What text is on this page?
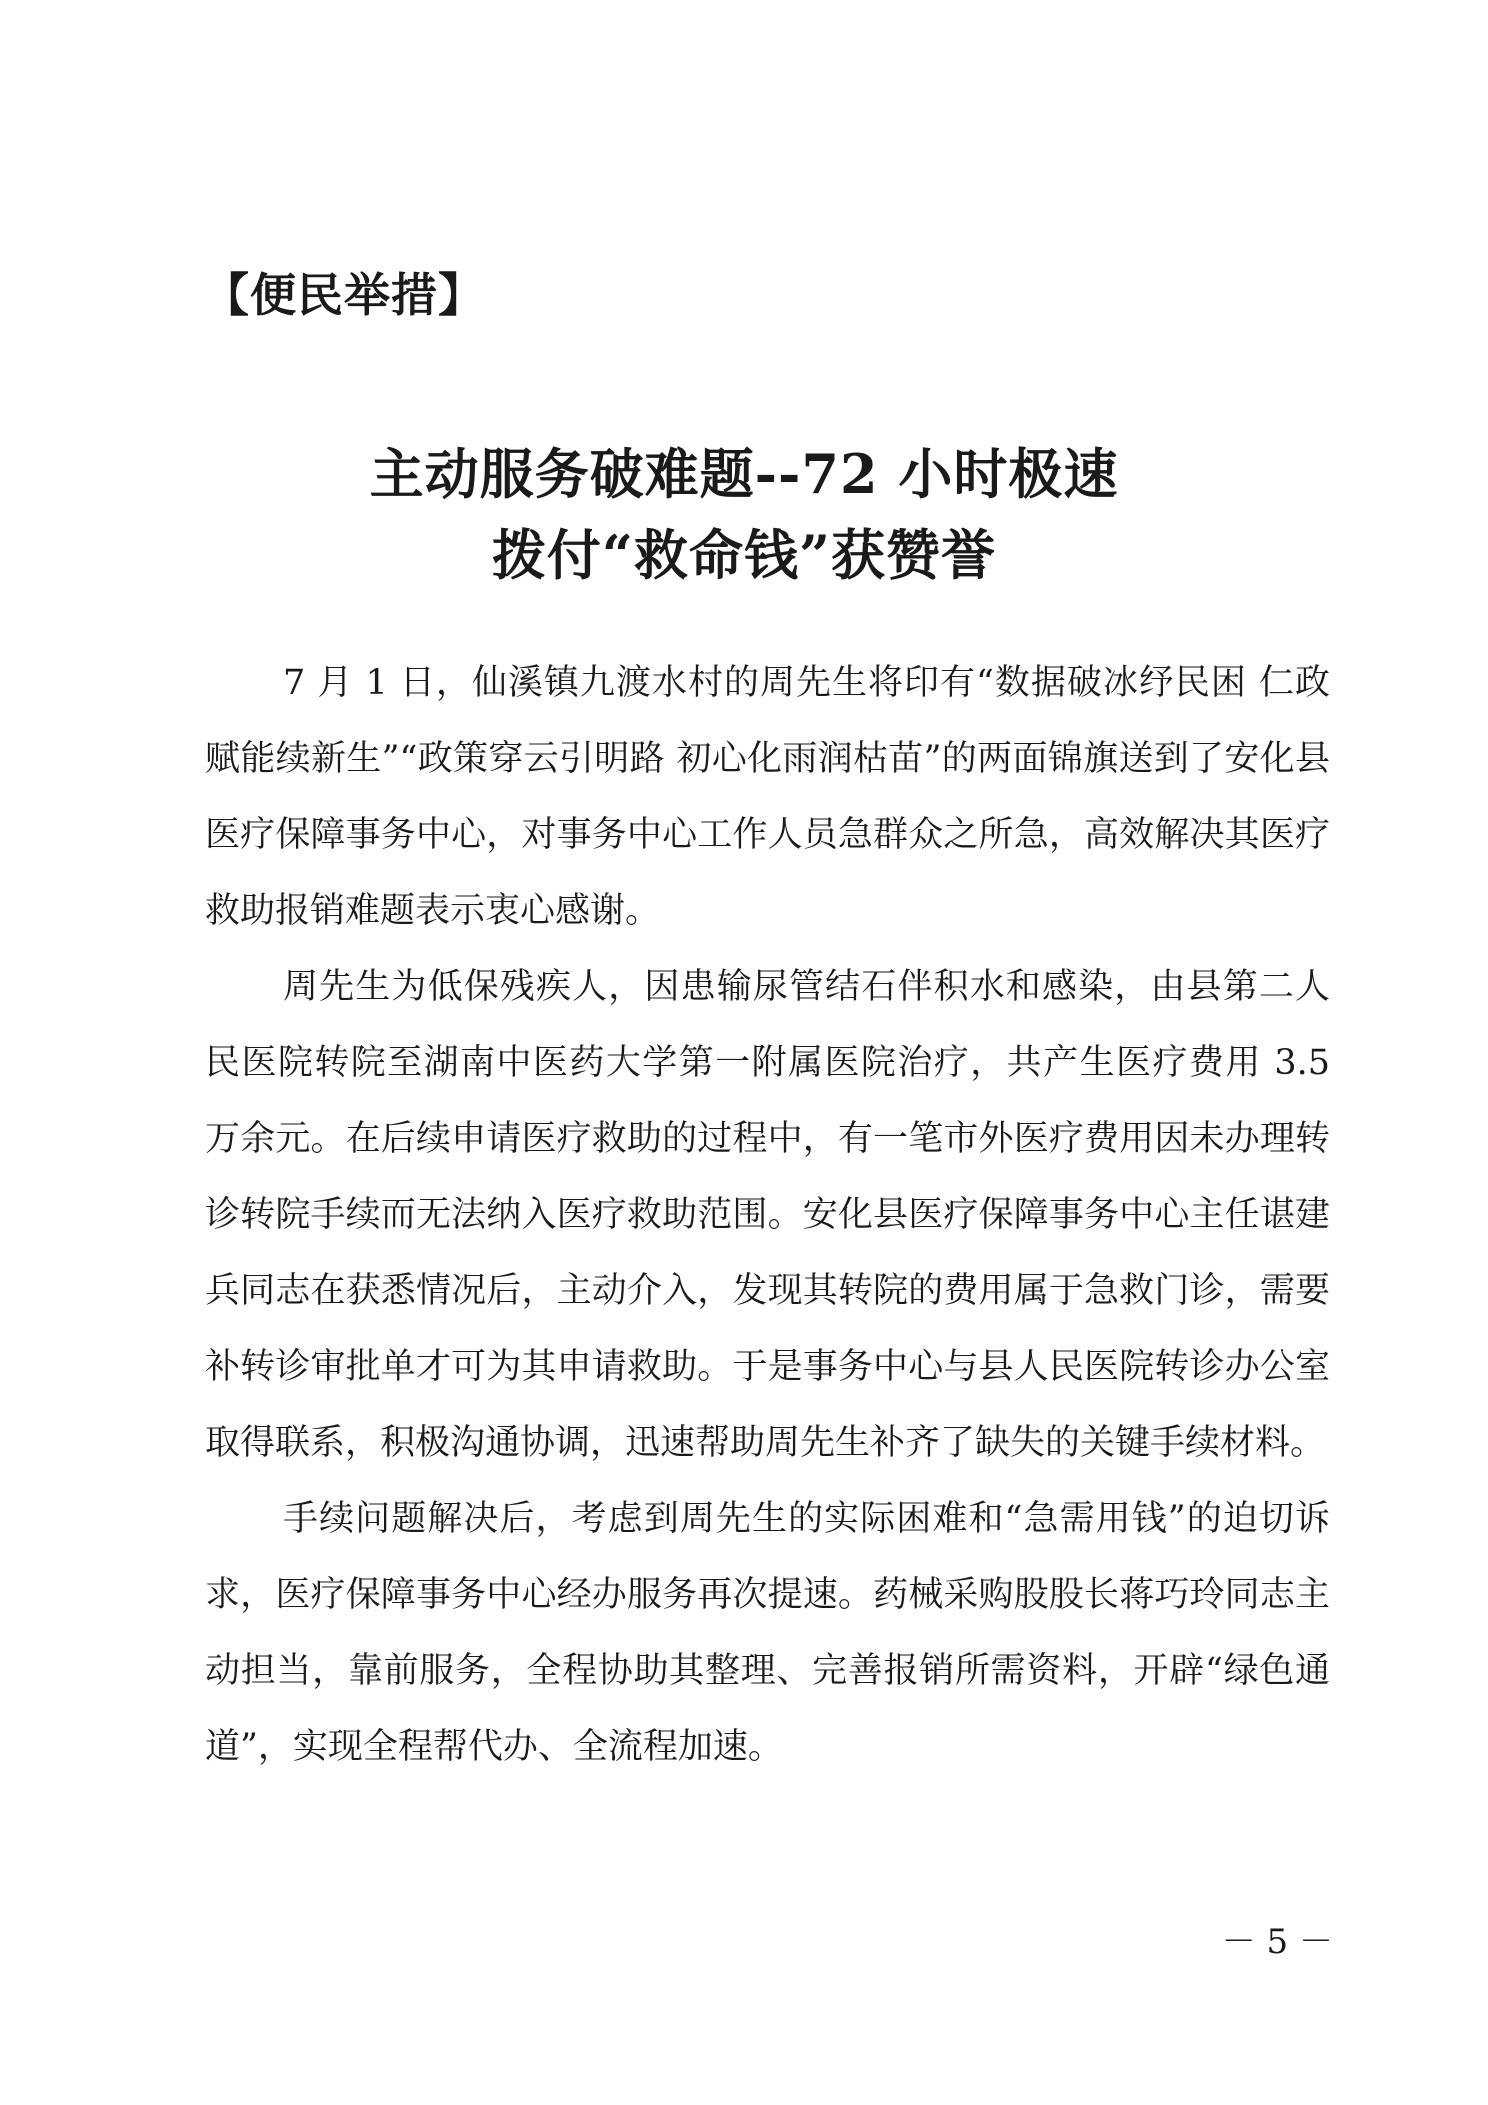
【便民举措】
主动服务破难题--72 小时极速
拨付“救命钱”获赞誉

7 月 1 日，仙溪镇九渡水村的周先生将印有“数据破冰纾民困 仁政赋能续新生”“政策穿云引明路 初心化雨润枯苗”的两面锦旗送到了安化县医疗保障事务中心，对事务中心工作人员急群众之所急，高效解决其医疗救助报销难题表示衷心感谢。

周先生为低保残疾人，因患输尿管结石伴积水和感染，由县第二人民医院转院至湖南中医药大学第一附属医院治疗，共产生医疗费用 3.5 万余元。在后续申请医疗救助的过程中，有一笔市外医疗费用因未办理转诊转院手续而无法纳入医疗救助范围。安化县医疗保障事务中心主任谌建兵同志在获悉情况后，主动介入，发现其转院的费用属于急救门诊，需要补转诊审批单才可为其申请救助。于是事务中心与县人民医院转诊办公室取得联系，积极沟通协调，迅速帮助周先生补齐了缺失的关键手续材料。

手续问题解决后，考虑到周先生的实际困难和“急需用钱”的迫切诉求，医疗保障事务中心经办服务再次提速。药械采购股股长蒋巧玲同志主动担当，靠前服务，全程协助其整理、完善报销所需资料，开辟“绿色通道”，实现全程帮代办、全流程加速。

－ 5 －
